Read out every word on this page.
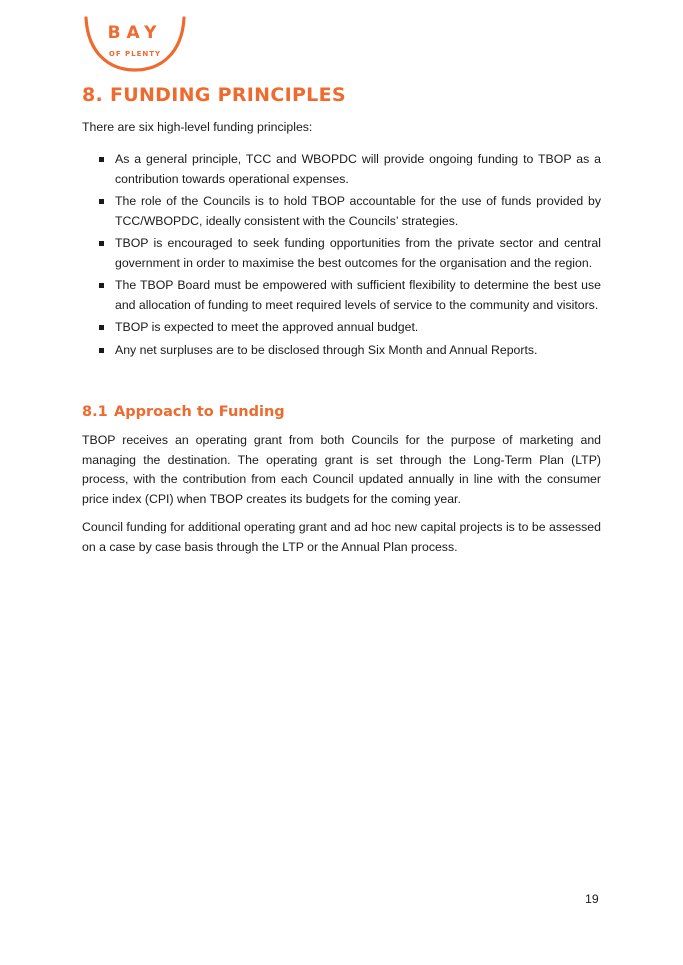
BAY
OF PLENTY
8. FUNDING PRINCIPLES

There are six high-level funding principles:

As a general principle, TCC and WBOPDC will provide ongoing funding to TBOP as a contribution towards operational expenses.
The role of the Councils is to hold TBOP accountable for the use of funds provided by TCC/WBOPDC, ideally consistent with the Councils’ strategies.
TBOP is encouraged to seek funding opportunities from the private sector and central government in order to maximise the best outcomes for the organisation and the region.
The TBOP Board must be empowered with sufficient flexibility to determine the best use and allocation of funding to meet required levels of service to the community and visitors.
TBOP is expected to meet the approved annual budget.
Any net surpluses are to be disclosed through Six Month and Annual Reports.
8.1 Approach to Funding

TBOP receives an operating grant from both Councils for the purpose of marketing and managing the destination. The operating grant is set through the Long-Term Plan (LTP) process, with the contribution from each Council updated annually in line with the consumer price index (CPI) when TBOP creates its budgets for the coming year.

Council funding for additional operating grant and ad hoc new capital projects is to be assessed on a case by case basis through the LTP or the Annual Plan process.

19
